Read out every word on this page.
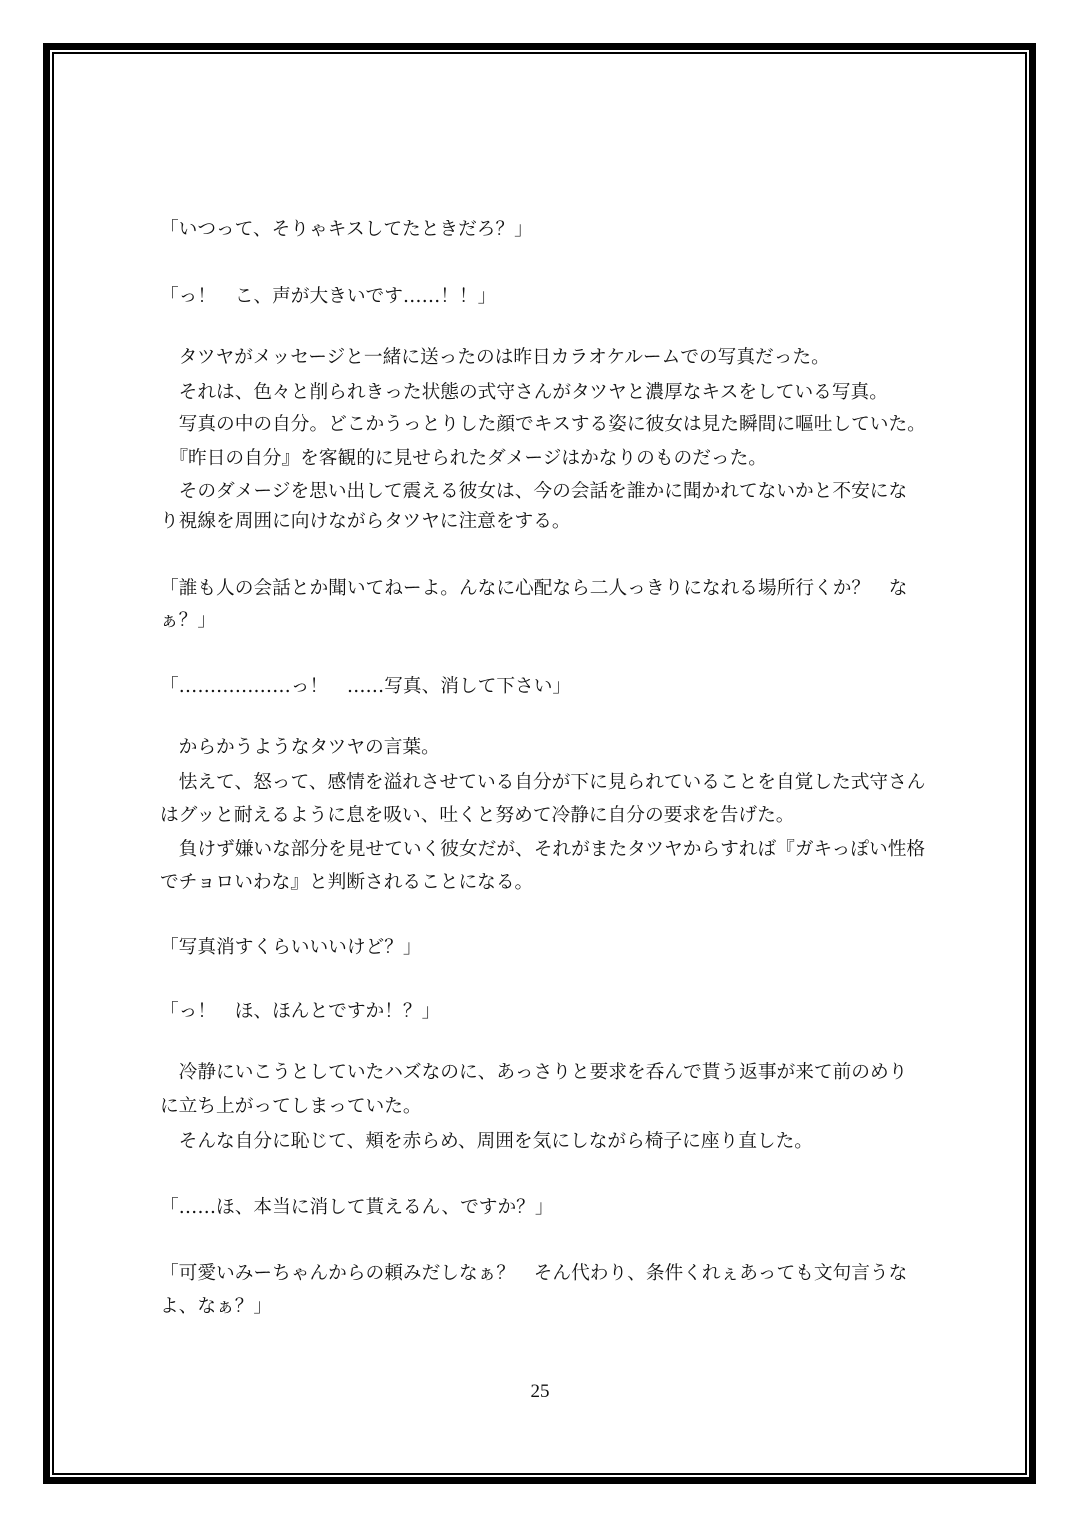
「いつって、そりゃキスしてたときだろ？」
「っ！　こ、声が大きいです……！！」
　タツヤがメッセージと一緒に送ったのは昨日カラオケルームでの写真だった。
　それは、色々と削られきった状態の式守さんがタツヤと濃厚なキスをしている写真。
　写真の中の自分。どこかうっとりした顔でキスする姿に彼女は見た瞬間に嘔吐していた。
　『昨日の自分』を客観的に見せられたダメージはかなりのものだった。
　そのダメージを思い出して震える彼女は、今の会話を誰かに聞かれてないかと不安にな
り視線を周囲に向けながらタツヤに注意をする。
「誰も人の会話とか聞いてねーよ。んなに心配なら二人っきりになれる場所行くか？　な
ぁ？」
「………………っ！　……写真、消して下さい」
　からかうようなタツヤの言葉。
　怯えて、怒って、感情を溢れさせている自分が下に見られていることを自覚した式守さん
はグッと耐えるように息を吸い、吐くと努めて冷静に自分の要求を告げた。
　負けず嫌いな部分を見せていく彼女だが、それがまたタツヤからすれば『ガキっぽい性格
でチョロいわな』と判断されることになる。
「写真消すくらいいいけど？」
「っ！　ほ、ほんとですか！？」
　冷静にいこうとしていたハズなのに、あっさりと要求を呑んで貰う返事が来て前のめり
に立ち上がってしまっていた。
　そんな自分に恥じて、頬を赤らめ、周囲を気にしながら椅子に座り直した。
「……ほ、本当に消して貰えるん、ですか？」
「可愛いみーちゃんからの頼みだしなぁ？　そん代わり、条件くれぇあっても文句言うな
よ、なぁ？」
25
